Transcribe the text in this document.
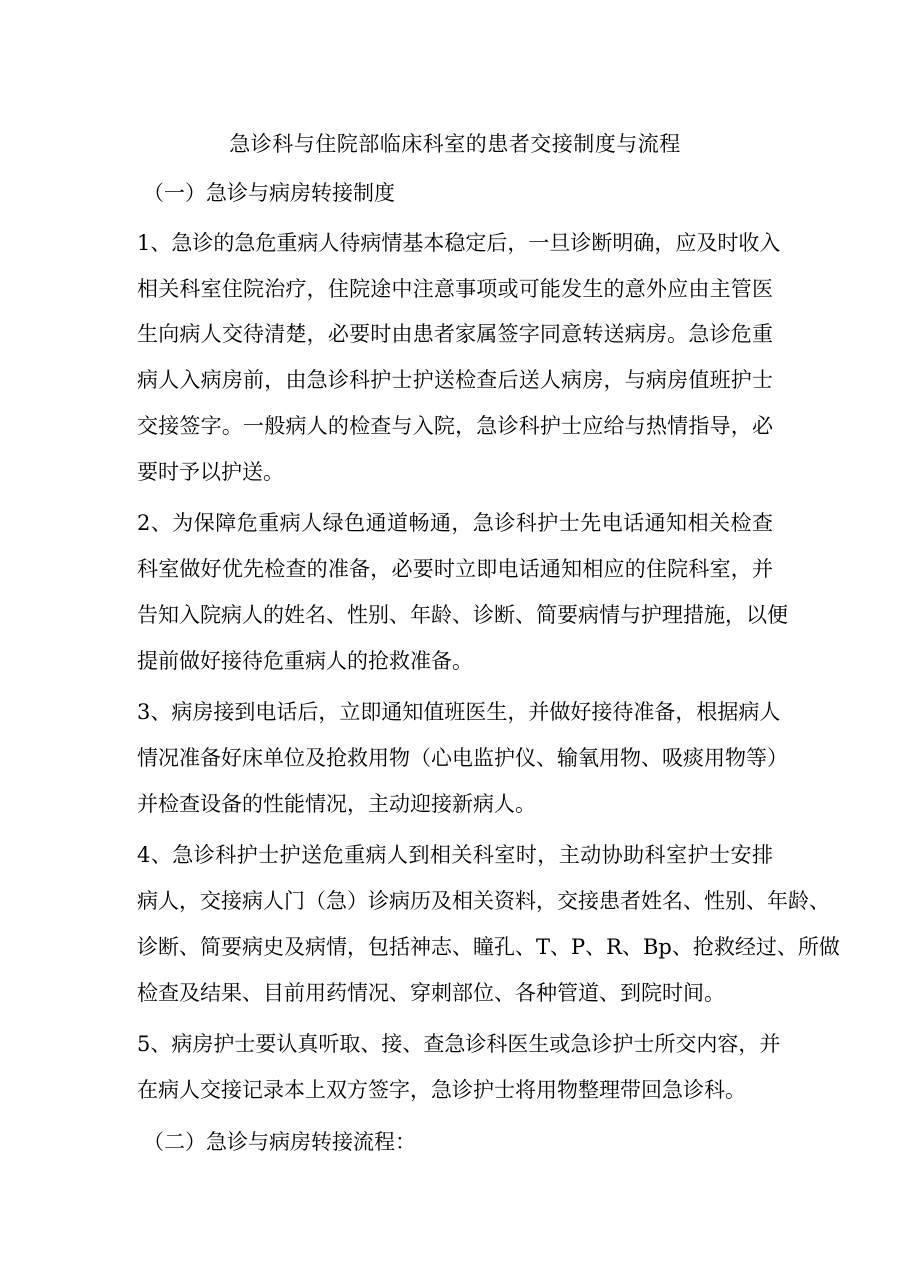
急诊科与住院部临床科室的患者交接制度与流程
（一）急诊与病房转接制度
1、急诊的急危重病人待病情基本稳定后，一旦诊断明确，应及时收入
相关科室住院治疗，住院途中注意事项或可能发生的意外应由主管医
生向病人交待清楚，必要时由患者家属签字同意转送病房。急诊危重
病人入病房前，由急诊科护士护送检查后送人病房，与病房值班护士
交接签字。一般病人的检查与入院，急诊科护士应给与热情指导，必
要时予以护送。
2、为保障危重病人绿色通道畅通，急诊科护士先电话通知相关检查
科室做好优先检查的准备，必要时立即电话通知相应的住院科室，并
告知入院病人的姓名、性别、年龄、诊断、简要病情与护理措施，以便
提前做好接待危重病人的抢救准备。
3、病房接到电话后，立即通知值班医生，并做好接待准备，根据病人
情况准备好床单位及抢救用物（心电监护仪、输氧用物、吸痰用物等）
并检查设备的性能情况，主动迎接新病人。
4、急诊科护士护送危重病人到相关科室时，主动协助科室护士安排
病人，交接病人门（急）诊病历及相关资料，交接患者姓名、性别、年龄、
诊断、简要病史及病情，包括神志、瞳孔、T、P、R、Bp、抢救经过、所做
检查及结果、目前用药情况、穿刺部位、各种管道、到院时间。
5、病房护士要认真听取、接、查急诊科医生或急诊护士所交内容，并
在病人交接记录本上双方签字，急诊护士将用物整理带回急诊科。
（二）急诊与病房转接流程：
